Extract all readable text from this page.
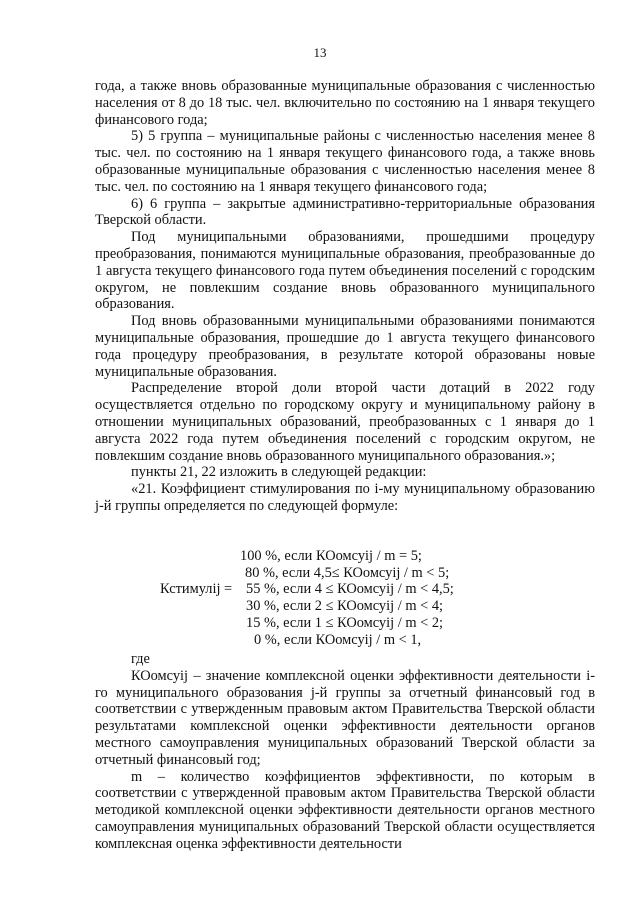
13

года, а также вновь образованные муниципальные образования с численностью населения от 8 до 18 тыс. чел. включительно по состоянию на 1 января текущего финансового года;

5) 5 группа – муниципальные районы с численностью населения менее 8 тыс. чел. по состоянию на 1 января текущего финансового года, а также вновь образованные муниципальные образования с численностью населения менее 8 тыс. чел. по состоянию на 1 января текущего финансового года;

6) 6 группа – закрытые административно-территориальные образования Тверской области.

Под муниципальными образованиями, прошедшими процедуру преобразования, понимаются муниципальные образования, преобразованные до 1 августа текущего финансового года путем объединения поселений с городским округом, не повлекшим создание вновь образованного муниципального образования.

Под вновь образованными муниципальными образованиями понимаются муниципальные образования, прошедшие до 1 августа текущего финансового года процедуру преобразования, в результате которой образованы новые муниципальные образования.

Распределение второй доли второй части дотаций в 2022 году осуществляется отдельно по городскому округу и муниципальному району в отношении муниципальных образований, преобразованных с 1 января до 1 августа 2022 года путем объединения поселений с городским округом, не повлекшим создание вновь образованного муниципального образования.»;

пункты 21, 22 изложить в следующей редакции:

«21. Коэффициент стимулирования по i-му муниципальному образованию j-й группы определяется по следующей формуле:

Кстимулij =
100 %, если КОомсуij / m = 5;
80 %, если 4,5≤ КОомсуij / m < 5;
55 %, если 4 ≤ КОомсуij / m < 4,5;
30 %, если 2 ≤ КОомсуij / m < 4;
15 %, если 1 ≤ КОомсуij / m < 2;
0 %, если КОомсуij / m < 1,

где

КОомсуij – значение комплексной оценки эффективности деятельности i-го муниципального образования j-й группы за отчетный финансовый год в соответствии с утвержденным правовым актом Правительства Тверской области результатами комплексной оценки эффективности деятельности органов местного самоуправления муниципальных образований Тверской области за отчетный финансовый год;

m – количество коэффициентов эффективности, по которым в соответствии с утвержденной правовым актом Правительства Тверской области методикой комплексной оценки эффективности деятельности органов местного самоуправления муниципальных образований Тверской области осуществляется комплексная оценка эффективности деятельности
